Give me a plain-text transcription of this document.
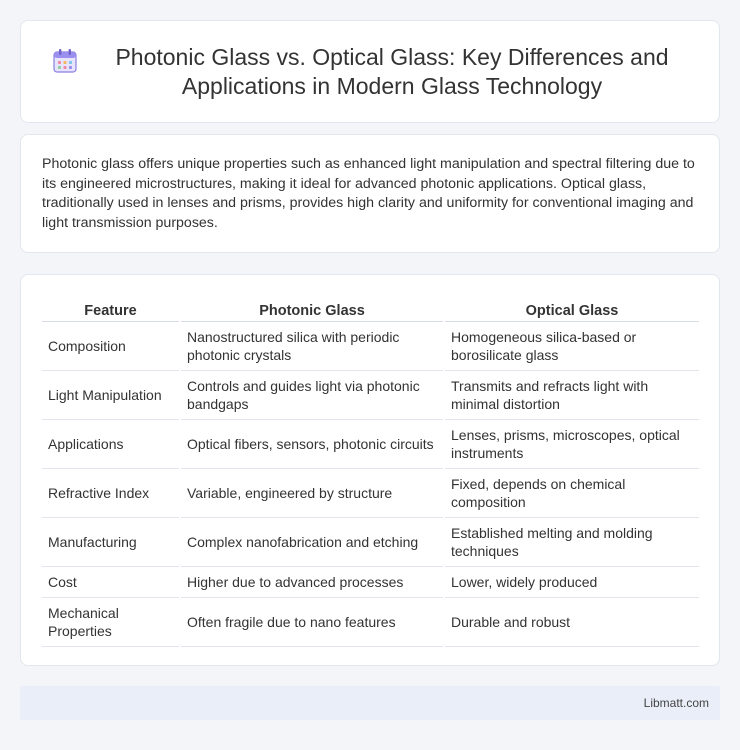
Photonic Glass vs. Optical Glass: Key Differences and Applications in Modern Glass Technology

Photonic glass offers unique properties such as enhanced light manipulation and spectral filtering due to its engineered microstructures, making it ideal for advanced photonic applications. Optical glass, traditionally used in lenses and prisms, provides high clarity and uniformity for conventional imaging and light transmission purposes.

Feature	Photonic Glass	Optical Glass
Composition	Nanostructured silica with periodic photonic crystals	Homogeneous silica-based or borosilicate glass
Light Manipulation	Controls and guides light via photonic bandgaps	Transmits and refracts light with minimal distortion
Applications	Optical fibers, sensors, photonic circuits	Lenses, prisms, microscopes, optical instruments
Refractive Index	Variable, engineered by structure	Fixed, depends on chemical composition
Manufacturing	Complex nanofabrication and etching	Established melting and molding techniques
Cost	Higher due to advanced processes	Lower, widely produced
Mechanical Properties	Often fragile due to nano features	Durable and robust
Libmatt.com
